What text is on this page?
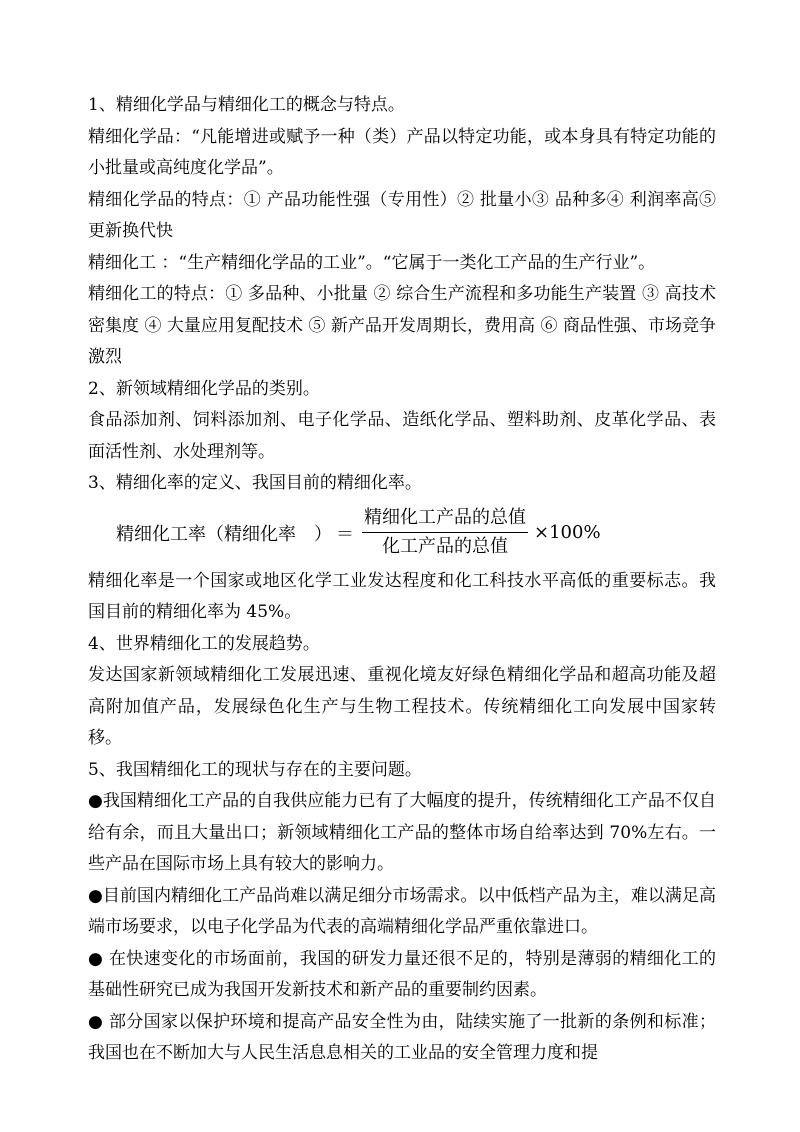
1、精细化学品与精细化工的概念与特点。

精细化学品：“凡能增进或赋予一种（类）产品以特定功能，或本身具有特定功能的小批量或高纯度化学品”。

精细化学品的特点：① 产品功能性强（专用性）② 批量小③ 品种多④ 利润率高⑤ 更新换代快

精细化工 ：“生产精细化学品的工业”。“它属于一类化工产品的生产行业”。

精细化工的特点：① 多品种、小批量 ② 综合生产流程和多功能生产装置 ③ 高技术密集度 ④ 大量应用复配技术 ⑤ 新产品开发周期长，费用高 ⑥ 商品性强、市场竞争激烈

2、新领域精细化学品的类别。

食品添加剂、饲料添加剂、电子化学品、造纸化学品、塑料助剂、皮革化学品、表面活性剂、水处理剂等。

3、精细化率的定义、我国目前的精细化率。

精细化工率（精细化率　） ＝ $\frac{\text{精细化工产品的总值}}{\text{化工产品的总值}} \times 100\%$

精细化率是一个国家或地区化学工业发达程度和化工科技水平高低的重要标志。我国目前的精细化率为 45%。

4、世界精细化工的发展趋势。

发达国家新领域精细化工发展迅速、重视化境友好绿色精细化学品和超高功能及超高附加值产品，发展绿色化生产与生物工程技术。传统精细化工向发展中国家转移。

5、我国精细化工的现状与存在的主要问题。

●我国精细化工产品的自我供应能力已有了大幅度的提升，传统精细化工产品不仅自给有余，而且大量出口；新领域精细化工产品的整体市场自给率达到 70%左右。一些产品在国际市场上具有较大的影响力。

●目前国内精细化工产品尚难以满足细分市场需求。以中低档产品为主，难以满足高端市场要求，以电子化学品为代表的高端精细化学品严重依靠进口。

● 在快速变化的市场面前，我国的研发力量还很不足的，特别是薄弱的精细化工的基础性研究已成为我国开发新技术和新产品的重要制约因素。

● 部分国家以保护环境和提高产品安全性为由，陆续实施了一批新的条例和标准；我国也在不断加大与人民生活息息相关的工业品的安全管理力度和提
